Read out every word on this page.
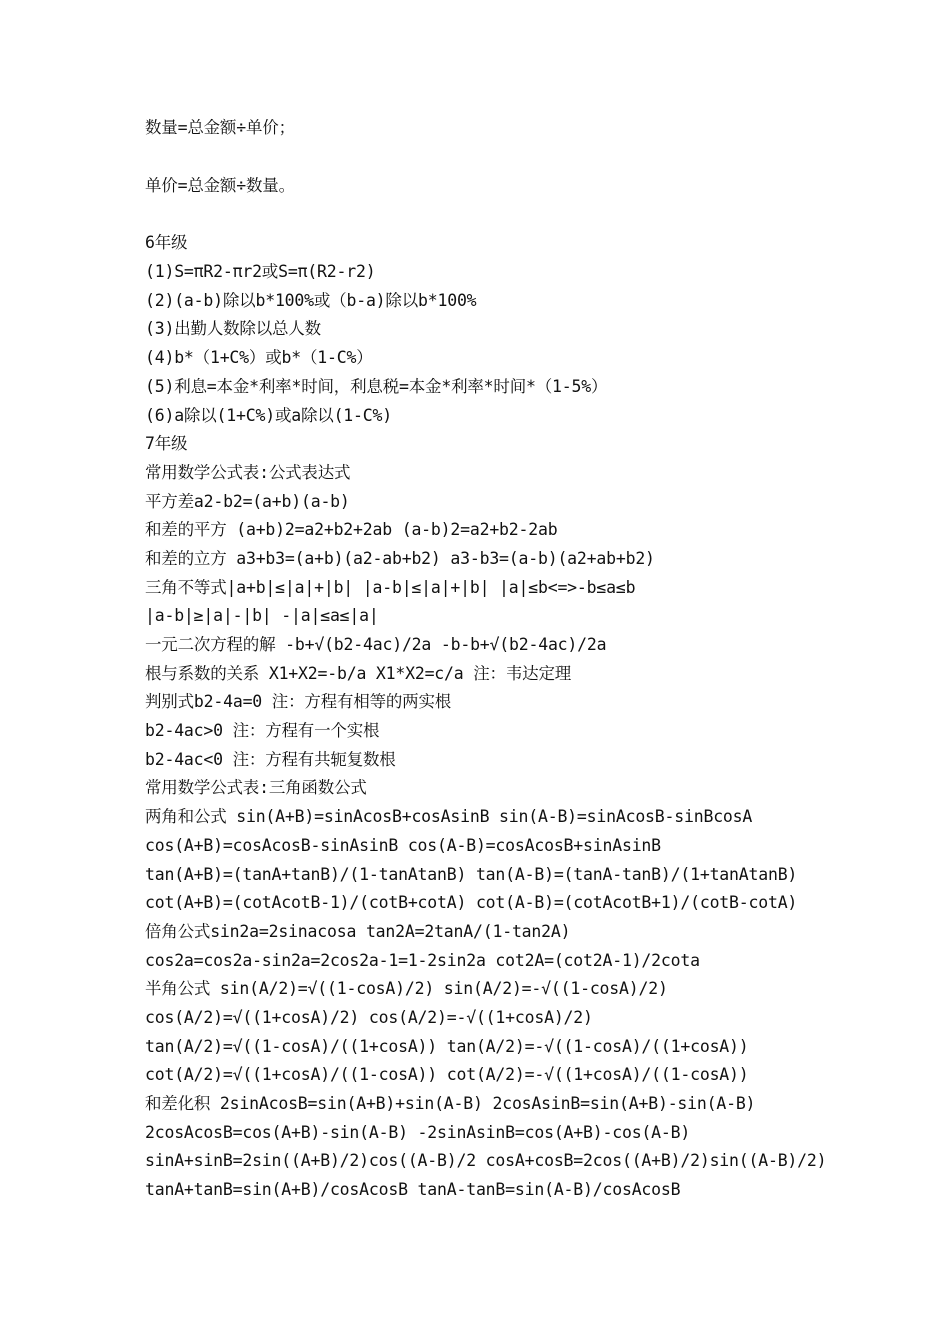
数量=总金额÷单价；
单价=总金额÷数量。
6年级
(1)S=πR2-πr2或S=π(R2-r2)
(2)(a-b)除以b*100%或（b-a)除以b*100%
(3)出勤人数除以总人数
(4)b*（1+C%）或b*（1-C%）
(5)利息=本金*利率*时间，利息税=本金*利率*时间*（1-5%）
(6)a除以(1+C%)或a除以(1-C%)
7年级
常用数学公式表:公式表达式
平方差a2-b2=(a+b)(a-b)
和差的平方 (a+b)2=a2+b2+2ab (a-b)2=a2+b2-2ab
和差的立方 a3+b3=(a+b)(a2-ab+b2) a3-b3=(a-b)(a2+ab+b2)
三角不等式|a+b|≤|a|+|b| |a-b|≤|a|+|b| |a|≤b<=>-b≤a≤b
|a-b|≥|a|-|b| -|a|≤a≤|a|
一元二次方程的解 -b+√(b2-4ac)/2a -b-b+√(b2-4ac)/2a
根与系数的关系 X1+X2=-b/a X1*X2=c/a 注：韦达定理
判别式b2-4a=0 注：方程有相等的两实根
b2-4ac>0 注：方程有一个实根
b2-4ac<0 注：方程有共轭复数根
常用数学公式表:三角函数公式
两角和公式 sin(A+B)=sinAcosB+cosAsinB sin(A-B)=sinAcosB-sinBcosA
cos(A+B)=cosAcosB-sinAsinB cos(A-B)=cosAcosB+sinAsinB
tan(A+B)=(tanA+tanB)/(1-tanAtanB) tan(A-B)=(tanA-tanB)/(1+tanAtanB)
cot(A+B)=(cotAcotB-1)/(cotB+cotA) cot(A-B)=(cotAcotB+1)/(cotB-cotA)
倍角公式sin2a=2sinacosa tan2A=2tanA/(1-tan2A)
cos2a=cos2a-sin2a=2cos2a-1=1-2sin2a cot2A=(cot2A-1)/2cota
半角公式 sin(A/2)=√((1-cosA)/2) sin(A/2)=-√((1-cosA)/2)
cos(A/2)=√((1+cosA)/2) cos(A/2)=-√((1+cosA)/2)
tan(A/2)=√((1-cosA)/((1+cosA)) tan(A/2)=-√((1-cosA)/((1+cosA))
cot(A/2)=√((1+cosA)/((1-cosA)) cot(A/2)=-√((1+cosA)/((1-cosA))
和差化积 2sinAcosB=sin(A+B)+sin(A-B) 2cosAsinB=sin(A+B)-sin(A-B)
2cosAcosB=cos(A+B)-sin(A-B) -2sinAsinB=cos(A+B)-cos(A-B)
sinA+sinB=2sin((A+B)/2)cos((A-B)/2 cosA+cosB=2cos((A+B)/2)sin((A-B)/2)
tanA+tanB=sin(A+B)/cosAcosB tanA-tanB=sin(A-B)/cosAcosB
